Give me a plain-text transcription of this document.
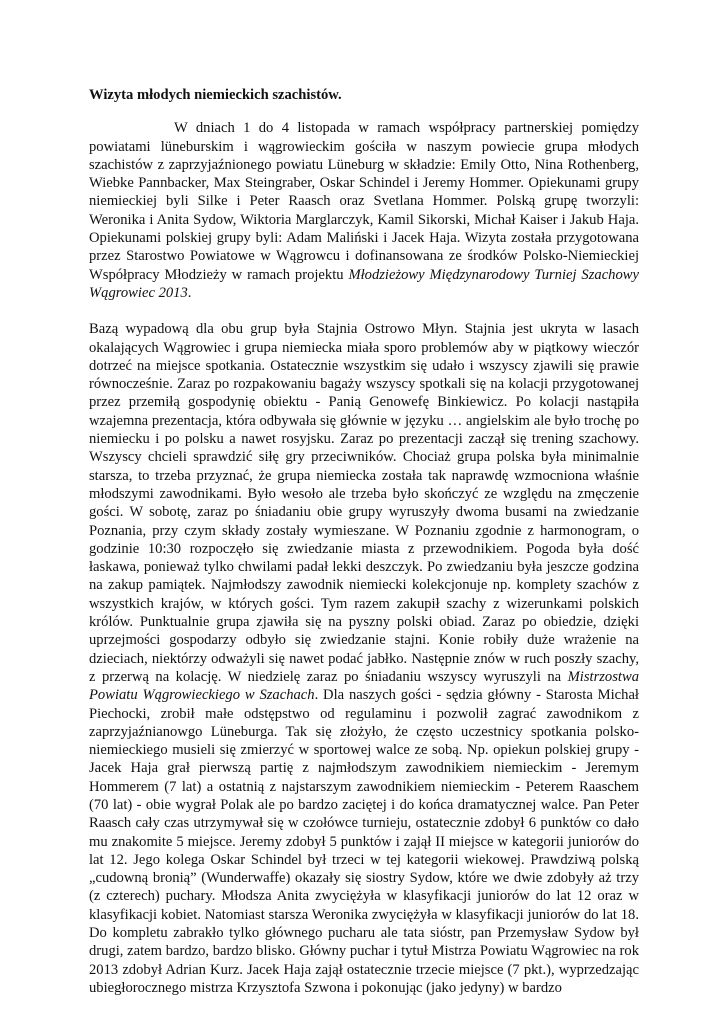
Wizyta młodych niemieckich szachistów.

W dniach 1 do 4 listopada w ramach współpracy partnerskiej pomiędzy powiatami lüneburskim i wągrowieckim gościła w naszym powiecie grupa młodych szachistów z zaprzyjaźnionego powiatu Lüneburg w składzie: Emily Otto, Nina Rothenberg, Wiebke Pannbacker, Max Steingraber, Oskar Schindel i Jeremy Hommer. Opiekunami grupy niemieckiej byli Silke i Peter Raasch oraz Svetlana Hommer. Polską grupę tworzyli: Weronika i Anita Sydow, Wiktoria Marglarczyk, Kamil Sikorski, Michał Kaiser i Jakub Haja. Opiekunami polskiej grupy byli: Adam Maliński i Jacek Haja. Wizyta została przygotowana przez Starostwo Powiatowe w Wągrowcu i dofinansowana ze środków Polsko-Niemieckiej Współpracy Młodzieży w ramach projektu Młodzieżowy Międzynarodowy Turniej Szachowy Wągrowiec 2013.

Bazą wypadową dla obu grup była Stajnia Ostrowo Młyn. Stajnia jest ukryta w lasach okalających Wągrowiec i grupa niemiecka miała sporo problemów aby w piątkowy wieczór dotrzeć na miejsce spotkania. Ostatecznie wszystkim się udało i wszyscy zjawili się prawie równocześnie. Zaraz po rozpakowaniu bagaży wszyscy spotkali się na kolacji przygotowanej przez przemiłą gospodynię obiektu - Panią Genowefę Binkiewicz. Po kolacji nastąpiła wzajemna prezentacja, która odbywała się głównie w języku … angielskim ale było trochę po niemiecku i po polsku a nawet rosyjsku. Zaraz po prezentacji zaczął się trening szachowy. Wszyscy chcieli sprawdzić siłę gry przeciwników. Chociaż grupa polska była minimalnie starsza, to trzeba przyznać, że grupa niemiecka została tak naprawdę wzmocniona właśnie młodszymi zawodnikami. Było wesoło ale trzeba było skończyć ze względu na zmęczenie gości. W sobotę, zaraz po śniadaniu obie grupy wyruszyły dwoma busami na zwiedzanie Poznania, przy czym składy zostały wymieszane. W Poznaniu zgodnie z harmonogram, o godzinie 10:30 rozpoczęło się zwiedzanie miasta z przewodnikiem. Pogoda była dość łaskawa, ponieważ tylko chwilami padał lekki deszczyk. Po zwiedzaniu była jeszcze godzina na zakup pamiątek. Najmłodszy zawodnik niemiecki kolekcjonuje np. komplety szachów z wszystkich krajów, w których gości. Tym razem zakupił szachy z wizerunkami polskich królów. Punktualnie grupa zjawiła się na pyszny polski obiad. Zaraz po obiedzie, dzięki uprzejmości gospodarzy odbyło się zwiedzanie stajni. Konie robiły duże wrażenie na dzieciach, niektórzy odważyli się nawet podać jabłko. Następnie znów w ruch poszły szachy, z przerwą na kolację. W niedzielę zaraz po śniadaniu wszyscy wyruszyli na Mistrzostwa Powiatu Wągrowieckiego w Szachach. Dla naszych gości - sędzia główny - Starosta Michał Piechocki, zrobił małe odstępstwo od regulaminu i pozwolił zagrać zawodnikom z zaprzyjaźnianowgo Lüneburga. Tak się złożyło, że często uczestnicy spotkania polsko-niemieckiego musieli się zmierzyć w sportowej walce ze sobą. Np. opiekun polskiej grupy - Jacek Haja grał pierwszą partię z najmłodszym zawodnikiem niemieckim - Jeremym Hommerem (7 lat) a ostatnią z najstarszym zawodnikiem niemieckim - Peterem Raaschem (70 lat) - obie wygrał Polak ale po bardzo zaciętej i do końca dramatycznej walce. Pan Peter Raasch cały czas utrzymywał się w czołówce turnieju, ostatecznie zdobył 6 punktów co dało mu znakomite 5 miejsce. Jeremy zdobył 5 punktów i zajął II miejsce w kategorii juniorów do lat 12. Jego kolega Oskar Schindel był trzeci w tej kategorii wiekowej. Prawdziwą polską „cudowną bronią” (Wunderwaffe) okazały się siostry Sydow, które we dwie zdobyły aż trzy (z czterech) puchary. Młodsza Anita zwyciężyła w klasyfikacji juniorów do lat 12 oraz w klasyfikacji kobiet. Natomiast starsza Weronika zwyciężyła w klasyfikacji juniorów do lat 18. Do kompletu zabrakło tylko głównego pucharu ale tata sióstr, pan Przemysław Sydow był drugi, zatem bardzo, bardzo blisko. Główny puchar i tytuł Mistrza Powiatu Wągrowiec na rok 2013 zdobył Adrian Kurz. Jacek Haja zajął ostatecznie trzecie miejsce (7 pkt.), wyprzedzając ubiegłorocznego mistrza Krzysztofa Szwona i pokonując (jako jedyny) w bardzo
